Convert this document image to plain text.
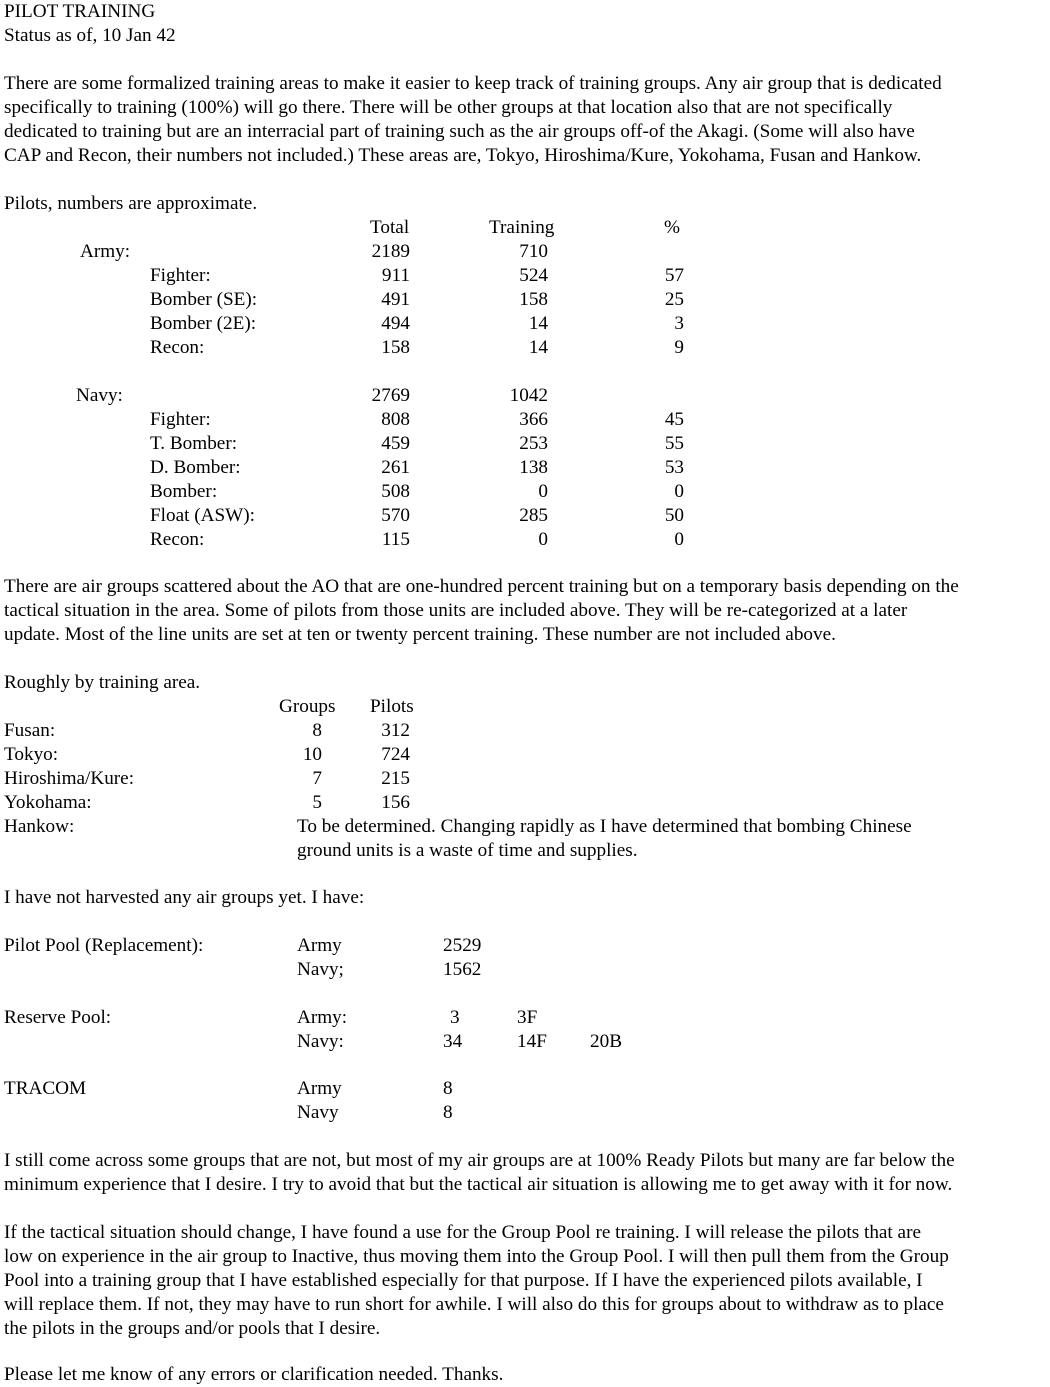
PILOT TRAINING
Status as of, 10 Jan 42
There are some formalized training areas to make it easier to keep track of training groups. Any air group that is dedicated
specifically to training (100%) will go there. There will be other groups at that location also that are not specifically
dedicated to training but are an interracial part of training such as the air groups off-of the Akagi. (Some will also have
CAP and Recon, their numbers not included.) These areas are, Tokyo, Hiroshima/Kure, Yokohama, Fusan and Hankow.
Pilots, numbers are approximate.
Total	Training	%
Army:	2189	710
Fighter:	911	524	57
Bomber (SE):	491	158	25
Bomber (2E):	494	14	3
Recon:	158	14	9
Navy:	2769	1042
Fighter:	808	366	45
T. Bomber:	459	253	55
D. Bomber:	261	138	53
Bomber:	508	0	0
Float (ASW):	570	285	50
Recon:	115	0	0
There are air groups scattered about the AO that are one-hundred percent training but on a temporary basis depending on the
tactical situation in the area. Some of pilots from those units are included above. They will be re-categorized at a later
update. Most of the line units are set at ten or twenty percent training. These number are not included above.
Roughly by training area.
Groups Pilots
Fusan:	8	312
Tokyo:	10	724
Hiroshima/Kure:	7	215
Yokohama:	5	156
Hankow:	To be determined. Changing rapidly as I have determined that bombing Chinese
ground units is a waste of time and supplies.
I have not harvested any air groups yet. I have:
Pilot Pool (Replacement):	Army	2529
Navy;	1562
Reserve Pool:	Army:	3	3F
Navy:	34	14F 20B
TRACOM	Army	8
Navy	8
I still come across some groups that are not, but most of my air groups are at 100% Ready Pilots but many are far below the
minimum experience that I desire. I try to avoid that but the tactical air situation is allowing me to get away with it for now.
If the tactical situation should change, I have found a use for the Group Pool re training. I will release the pilots that are
low on experience in the air group to Inactive, thus moving them into the Group Pool. I will then pull them from the Group
Pool into a training group that I have established especially for that purpose. If I have the experienced pilots available, I
will replace them. If not, they may have to run short for awhile. I will also do this for groups about to withdraw as to place
the pilots in the groups and/or pools that I desire.
Please let me know of any errors or clarification needed. Thanks.
